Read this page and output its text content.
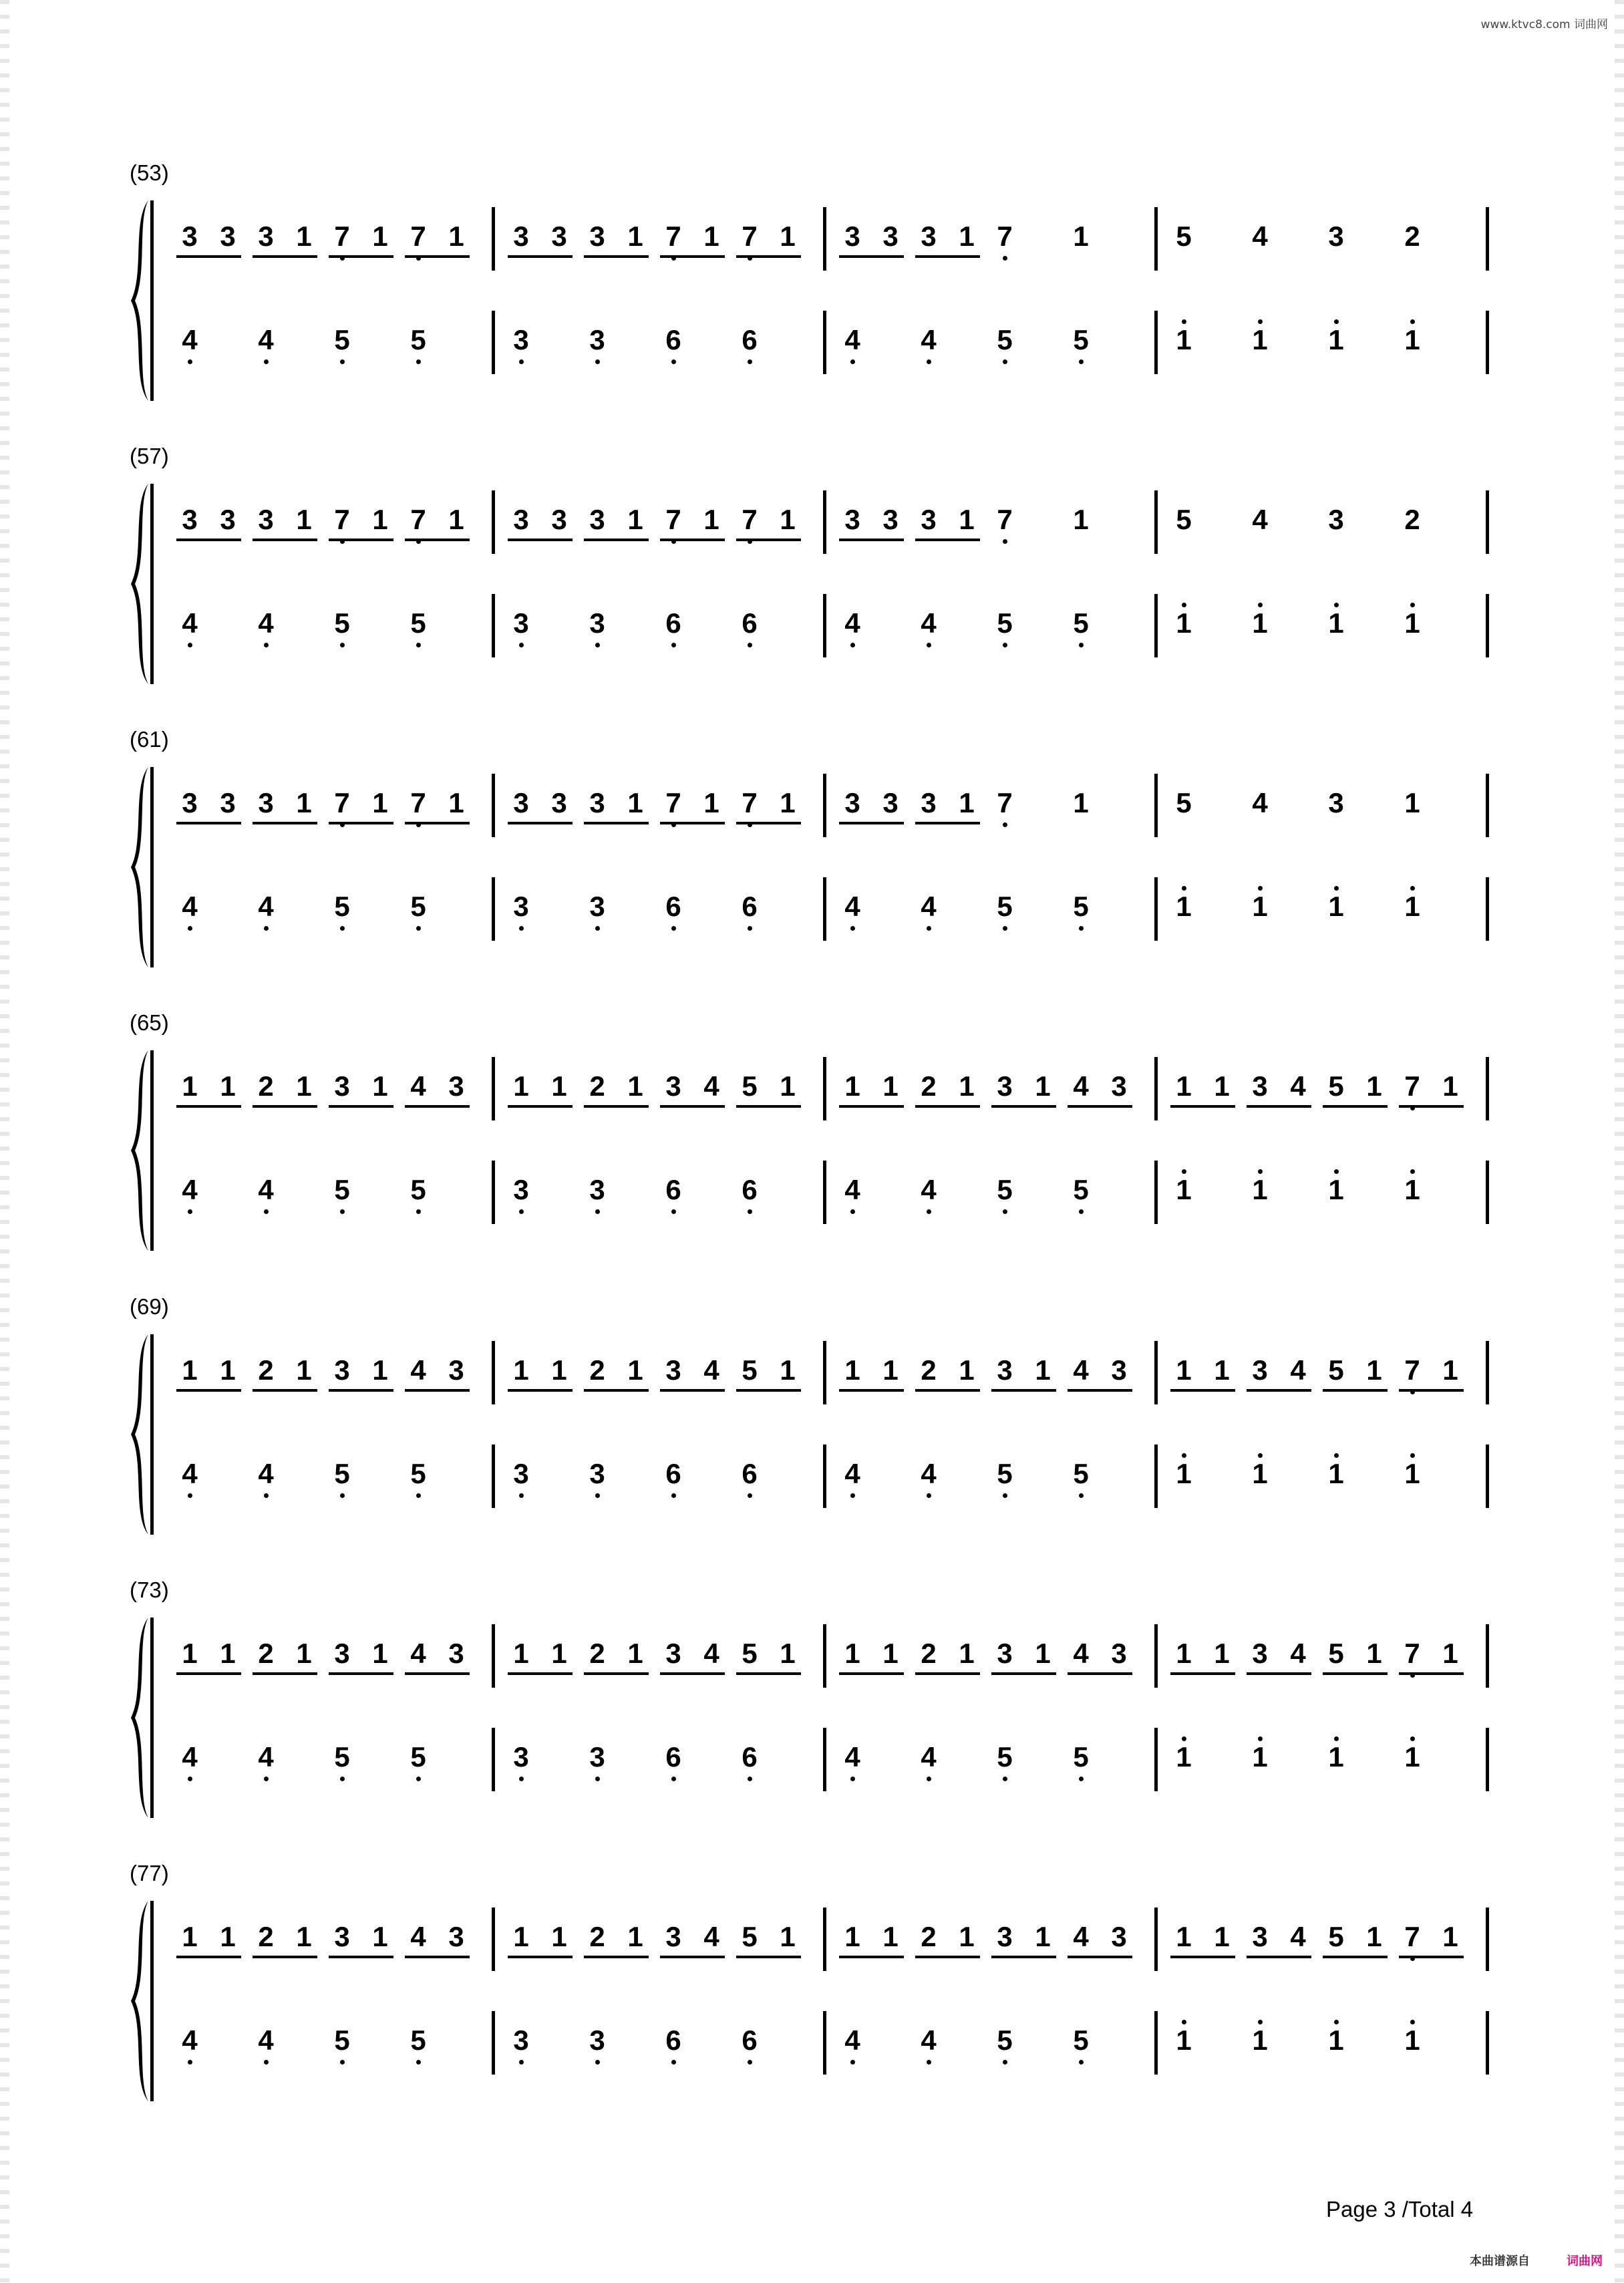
www.ktvc8.com 词曲网
(53)
3 3 3 1 7 1 7 1 3 3 3 1 7 1 7 1 3 3 3 1 7 1	5 4 3 2
4 4 5 5	3 3 6 6	4 4 5 5	1 1 1 1
(57)
3 3 3 1 7 1 7 1 3 3 3 1 7 1 7 1 3 3 3 1 7 1	5 4 3 2
4 4 5 5	3 3 6 6	4 4 5 5	1 1 1 1
(61)
3 3 3 1 7 1 7 1 3 3 3 1 7 1 7 1 3 3 3 1 7 1	5 4 3 1
4 4 5 5	3 3 6 6	4 4 5 5	1 1 1 1
(65)
1 1 2 1 3 1 4 3 1 1 2 1 3 4 5 1 1 1 2 1 3 1 4 3 1 1 3 4 5 1 7 1
4 4 5 5	3 3 6 6	4 4 5 5	1 1 1 1
(69)
1 1 2 1 3 1 4 3 1 1 2 1 3 4 5 1 1 1 2 1 3 1 4 3 1 1 3 4 5 1 7 1
4 4 5 5	3 3 6 6	4 4 5 5	1 1 1 1
(73)
1 1 2 1 3 1 4 3 1 1 2 1 3 4 5 1 1 1 2 1 3 1 4 3 1 1 3 4 5 1 7 1
4 4 5 5	3 3 6 6	4 4 5 5	1 1 1 1
(77)
1 1 2 1 3 1 4 3 1 1 2 1 3 4 5 1 1 1 2 1 3 1 4 3 1 1 3 4 5 1 7 1
4 4 5 5	3 3 6 6	4 4 5 5	1 1 1 1
Page 3 /Total 4
本曲谱源自	词曲网
